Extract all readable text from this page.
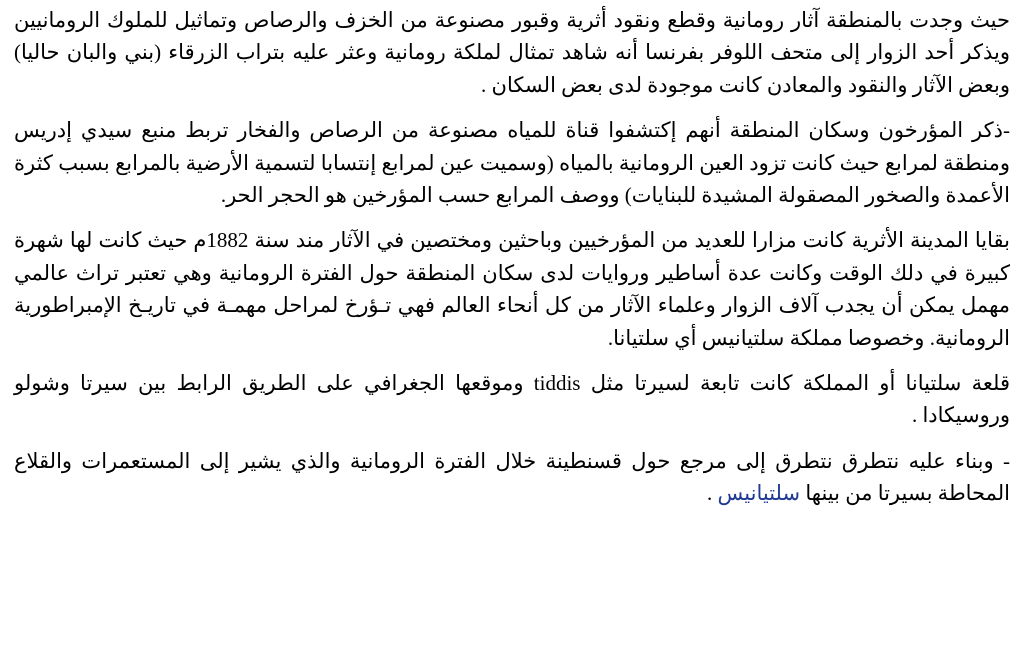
حيث وجدت بالمنطقة آثار رومانية وقطع ونقود أثرية وقبور مصنوعة من الخزف والرصاص وتماثيل للملوك الرومانيين ويذكر أحد الزوار إلى متحف اللوفر بفرنسا أنه شاهد تمثال لملكة رومانية وعثر عليه بتراب الزرقاء (بني والبان حاليا) وبعض الآثار والنقود والمعادن كانت موجودة لدى بعض السكان .

-ذكر المؤرخون وسكان المنطقة أنهم إكتشفوا قناة للمياه مصنوعة من الرصاص والفخار تربط منبع سيدي إدريس ومنطقة لمرابع حيث كانت تزود العين الرومانية بالمياه (وسميت عين لمرابع إنتسابا لتسمية الأرضية بالمرابع بسبب كثرة الأعمدة والصخور المصقولة المشيدة للبنايات) ووصف المرابع حسب المؤرخين هو الحجر الحر.

بقايا المدينة الأثرية كانت مزارا للعديد من المؤرخيين وباحثين ومختصين في الآثار مند سنة 1882م حيث كانت لها شهرة كبيرة في دلك الوقت وكانت عدة أساطير وروايات لدى سكان المنطقة حول الفترة الرومانية وهي تعتبر تراث عالمي مهمل يمكن أن يجدب آلاف الزوار وعلماء الآثار من كل أنحاء العالم فهي تـؤرخ لمراحل مهمـة في تاريـخ الإمبراطورية الرومانية. وخصوصا مملكة سلتيانيس أي سلتيانا.

قلعة سلتيانا أو المملكة كانت تابعة لسيرتا مثل tiddis وموقعها الجغرافي على الطريق الرابط بين سيرتا وشولو وروسيكادا .

- وبناء عليه نتطرق نتطرق إلى مرجع حول قسنطينة خلال الفترة الرومانية والذي يشير إلى المستعمرات والقلاع المحاطة بسيرتا من بينها سلتيانيس .
